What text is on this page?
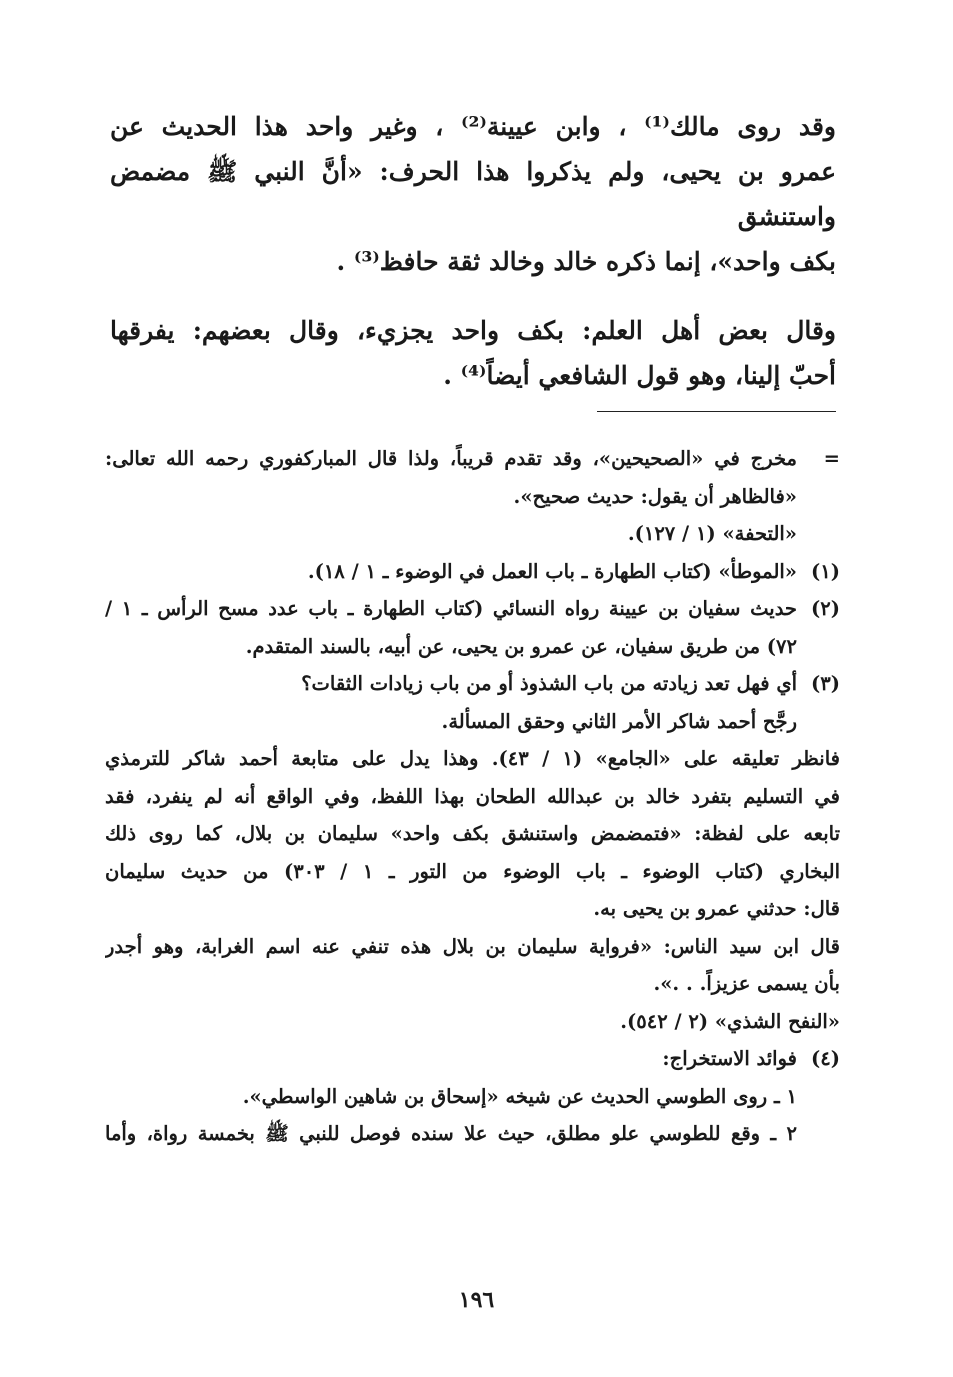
وقد روى مالك⁽¹⁾ ، وابن عيينة⁽²⁾ ، وغير واحد هذا الحديث عن
عمرو بن يحيى، ولم يذكروا هذا الحرف: «أنَّ النبي ﷺ مضمض واستنشق
بكف واحد»، إنما ذكره خالد وخالد ثقة حافظ⁽³⁾ .
وقال بعض أهل العلم: بكف واحد يجزيء، وقال بعضهم: يفرقها
أحبّ إلينا، وهو قول الشافعي أيضاً⁽⁴⁾ .
=
مخرج في «الصحيحين»، وقد تقدم قريباً، ولذا قال المباركفوري رحمه الله تعالى:
«فالظاهر أن يقول: حديث صحيح».
«التحفة» (١ / ١٢٧).
(١)
«الموطأ» (كتاب الطهارة ـ باب العمل في الوضوء ـ ١ / ١٨).
(٢)
حديث سفيان بن عيينة رواه النسائي (كتاب الطهارة ـ باب عدد مسح الرأس ـ ١ /
٧٢) من طريق سفيان، عن عمرو بن يحيى، عن أبيه، بالسند المتقدم.
(٣)
أي فهل تعد زيادته من باب الشذوذ أو من باب زيادات الثقات؟
رجَّح أحمد شاكر الأمر الثاني وحقق المسألة.
فانظر تعليقه على «الجامع» (١ / ٤٣). وهذا يدل على متابعة أحمد شاكر للترمذي
في التسليم بتفرد خالد بن عبدالله الطحان بهذا اللفظ، وفي الواقع أنه لم ينفرد، فقد
تابعه على لفظة: «فتمضمض واستنشق بكف واحد» سليمان بن بلال، كما روى ذلك
البخاري (كتاب الوضوء ـ باب الوضوء من التور ـ ١ / ٣٠٣) من حديث سليمان
قال: حدثني عمرو بن يحيى به.
قال ابن سيد الناس: «فرواية سليمان بن بلال هذه تنفي عنه اسم الغرابة، وهو أجدر
بأن يسمى عزيزاً. . .».
«النفح الشذي» (٢ / ٥٤٢).
(٤)
فوائد الاستخراج:
١ ـ روى الطوسي الحديث عن شيخه «إسحاق بن شاهين الواسطي».
٢ ـ وقع للطوسي علو مطلق، حيث علا سنده فوصل للنبي ﷺ بخمسة رواة، وأما
١٩٦
